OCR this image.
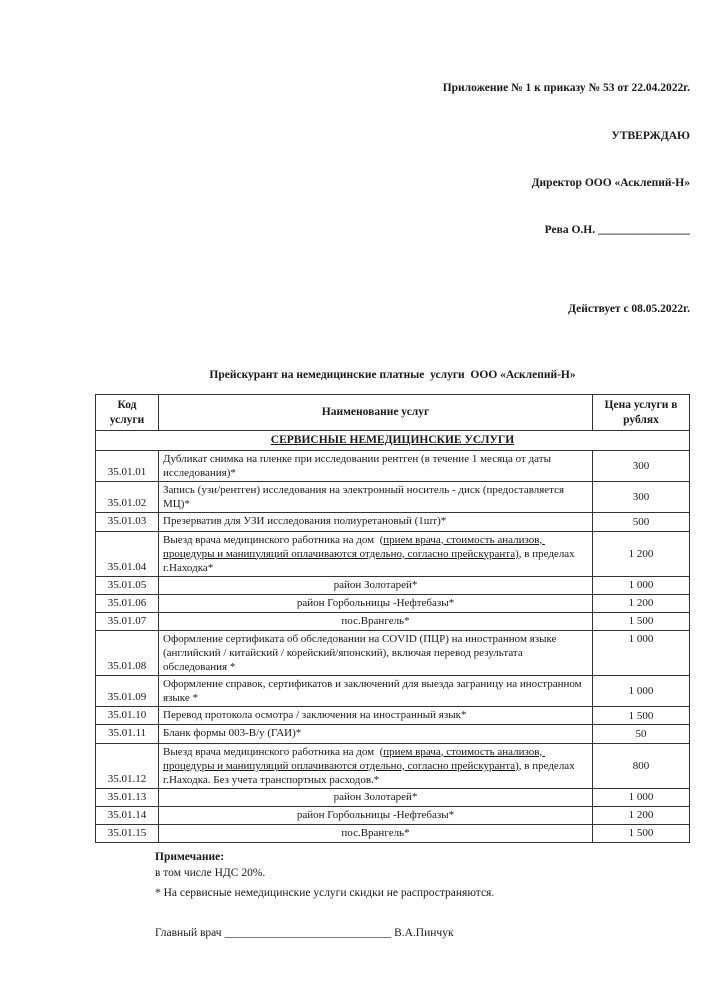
Приложение № 1 к приказу № 53 от 22.04.2022г.

УТВЕРЖДАЮ

Директор ООО «Асклепий-Н»

Рева О.Н. ________________

Действует с 08.05.2022г.

Прейскурант на немедицинские платные  услуги  ООО «Асклепий-Н»
Код услуги	Наименование услуг	Цена услуги в рублях
СЕРВИСНЫЕ НЕМЕДИЦИНСКИЕ УСЛУГИ		
35.01.01	Дубликат снимка на пленке при исследовании рентген (в течение 1 месяца от даты исследования)*	300
35.01.02	Запись (узи/рентген) исследования на электронный носитель - диск (предоставляется МЦ)*	300
35.01.03	Презерватив для УЗИ исследования полиуретановый (1шт)*	500
35.01.04	Выезд врача медицинского работника на дом  (прием врача, стоимость анализов, процедуры и манипуляций оплачиваются отдельно, согласно прейскуранта), в пределах г.Находка*	1 200
35.01.05	район Золотарей*	1 000
35.01.06	район Горбольницы -Нефтебазы*	1 200
35.01.07	пос.Врангель*	1 500
35.01.08	Оформление сертификата об обследовании на COVID (ПЦР) на иностранном языке (английский / китайский / корейский/японский), включая перевод результата обследования *	1 000
35.01.09	Оформление справок, сертификатов и заключений для выезда заграницу на иностранном языке *	1 000
35.01.10	Перевод протокола осмотра / заключения на иностранный язык*	1 500
35.01.11	Бланк формы 003-В/у (ГАИ)*	50
35.01.12	Выезд врача медицинского работника на дом  (прием врача, стоимость анализов, процедуры и манипуляций оплачиваются отдельно, согласно прейскуранта), в пределах г.Находка. Без учета транспортных расходов.*	800
35.01.13	район Золотарей*	1 000
35.01.14	район Горбольницы -Нефтебазы*	1 200
35.01.15	пос.Врангель*	1 500
Примечание:
в том числе НДС 20%.
* На сервисные немедицинские услуги скидки не распространяются.
Главный врач _____________________________ В.А.Пинчук
